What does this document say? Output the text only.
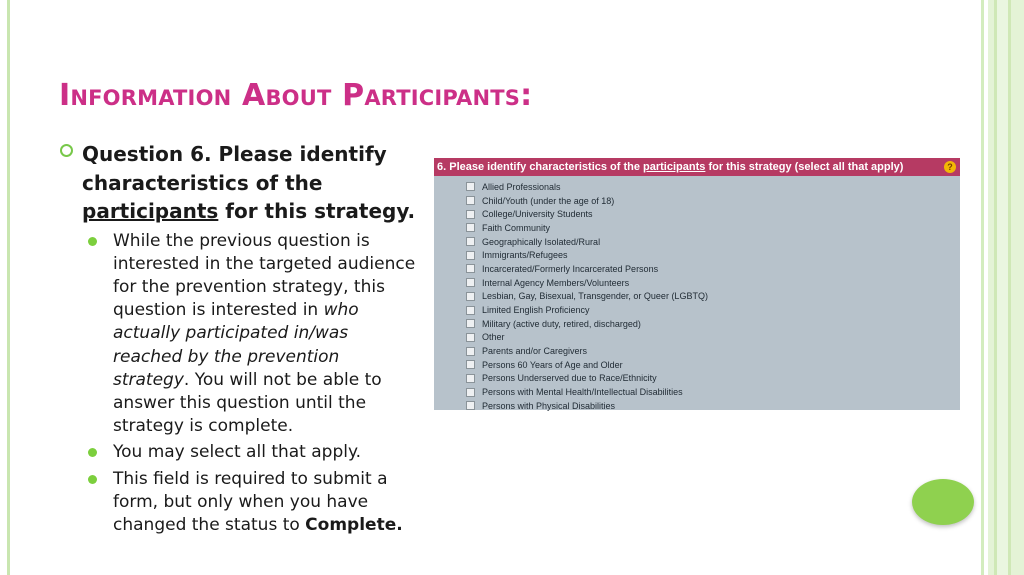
Information About Participants:

Question 6. Please identify characteristics of the participants for this strategy.

While the previous question is interested in the targeted audience for the prevention strategy, this question is interested in who actually participated in/was reached by the prevention strategy. You will not be able to answer this question until the strategy is complete.
You may select all that apply.
This field is required to submit a form, but only when you have changed the status to Complete.
6. Please identify characteristics of the participants for this strategy (select all that apply)	?
Allied Professionals
Child/Youth (under the age of 18)
College/University Students
Faith Community
Geographically Isolated/Rural
Immigrants/Refugees
Incarcerated/Formerly Incarcerated Persons
Internal Agency Members/Volunteers
Lesbian, Gay, Bisexual, Transgender, or Queer (LGBTQ)
Limited English Proficiency
Military (active duty, retired, discharged)
Other
Parents and/or Caregivers
Persons 60 Years of Age and Older
Persons Underserved due to Race/Ethnicity
Persons with Mental Health/Intellectual Disabilities
Persons with Physical Disabilities
